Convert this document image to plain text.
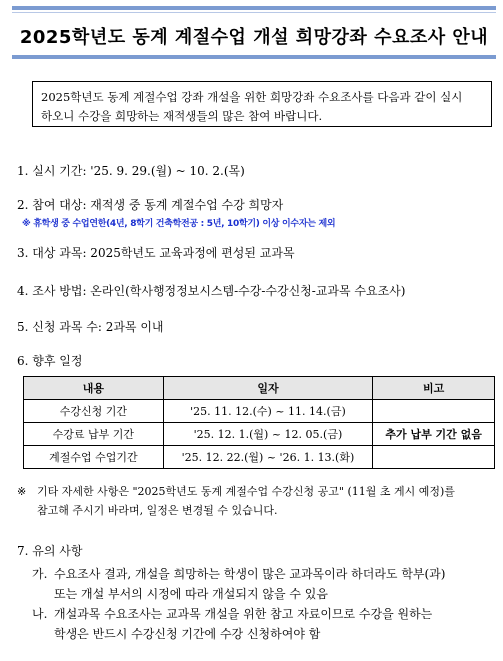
2025학년도 동계 계절수업 개설 희망강좌 수요조사 안내
2025학년도 동계 계절수업 강좌 개설을 위한 희망강좌 수요조사를 다음과 같이 실시
하오니 수강을 희망하는 재적생들의 많은 참여 바랍니다.
1. 실시 기간: '25. 9. 29.(월) ~ 10. 2.(목)
2. 참여 대상: 재적생 중 동계 계절수업 수강 희망자
※ 휴학생 중 수업연한(4년, 8학기 건축학전공 : 5년, 10학기) 이상 이수자는 제외
3. 대상 과목: 2025학년도 교육과정에 편성된 교과목
4. 조사 방법: 온라인(학사행정정보시스템-수강-수강신청-교과목 수요조사)
5. 신청 과목 수: 2과목 이내
6. 향후 일정
내용	일자	비고
수강신청 기간	'25. 11. 12.(수) ~ 11. 14.(금)	
수강료 납부 기간	'25. 12. 1.(월) ~ 12. 05.(금)	추가 납부 기간 없음
계절수업 수업기간	'25. 12. 22.(월) ~ '26. 1. 13.(화)	
※ 기타 자세한 사항은 "2025학년도 동계 계절수업 수강신청 공고" (11월 초 게시 예정)를
참고해 주시기 바라며, 일정은 변경될 수 있습니다.
7. 유의 사항
가. 수요조사 결과, 개설을 희망하는 학생이 많은 교과목이라 하더라도 학부(과)
또는 개설 부서의 시정에 따라 개설되지 않을 수 있음
나. 개설과목 수요조사는 교과목 개설을 위한 참고 자료이므로 수강을 원하는
학생은 반드시 수강신청 기간에 수강 신청하여야 함
